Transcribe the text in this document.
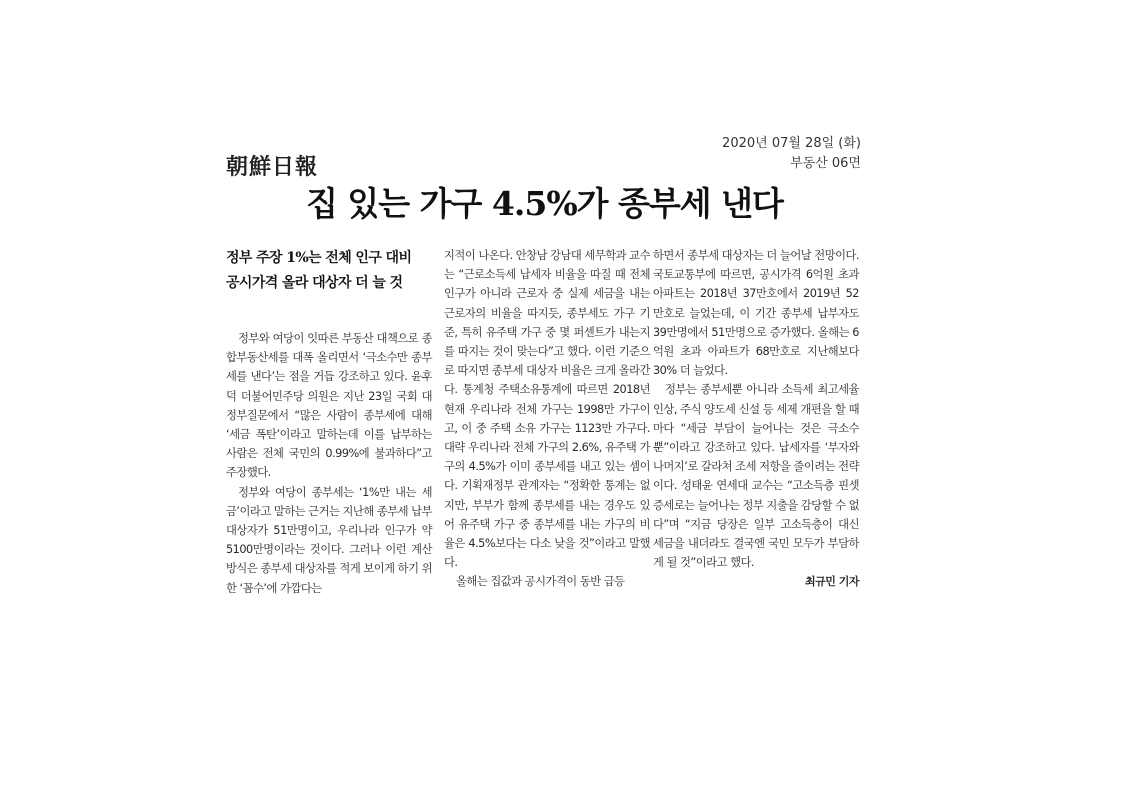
朝鮮日報
2020년 07월 28일 (화)
부동산 06면
집 있는 가구 4.5%가 종부세 낸다
정부 주장 1%는 전체 인구 대비
공시가격 올라 대상자 더 늘 것

정부와 여당이 잇따른 부동산 대책으로 종합부동산세를 대폭 올리면서 ‘극소수만 종부세를 낸다’는 점을 거듭 강조하고 있다. 윤후덕 더불어민주당 의원은 지난 23일 국회 대정부질문에서 “많은 사람이 종부세에 대해 ‘세금 폭탄’이라고 말하는데 이를 납부하는 사람은 전체 국민의 0.99%에 불과하다”고 주장했다.

정부와 여당이 종부세는 ‘1%만 내는 세금’이라고 말하는 근거는 지난해 종부세 납부 대상자가 51만명이고, 우리나라 인구가 약 5100만명이라는 것이다. 그러나 이런 계산 방식은 종부세 대상자를 적게 보이게 하기 위한 ‘꼼수’에 가깝다는

지적이 나온다. 안창남 강남대 세무학과 교수는 “근로소득세 납세자 비율을 따질 때 전체 인구가 아니라 근로자 중 실제 세금을 내는 근로자의 비율을 따지듯, 종부세도 가구 기준, 특히 유주택 가구 중 몇 퍼센트가 내는지를 따지는 것이 맞는다”고 했다. 이런 기준으로 따지면 종부세 대상자 비율은 크게 올라간다. 통계청 주택소유통계에 따르면 2018년 현재 우리나라 전체 가구는 1998만 가구이고, 이 중 주택 소유 가구는 1123만 가구다. 대략 우리나라 전체 가구의 2.6%, 유주택 가구의 4.5%가 이미 종부세를 내고 있는 셈이다. 기획재정부 관계자는 “정확한 통계는 없지만, 부부가 함께 종부세를 내는 경우도 있어 유주택 가구 중 종부세를 내는 가구의 비율은 4.5%보다는 다소 낮을 것”이라고 말했다.

올해는 집값과 공시가격이 동반 급등

하면서 종부세 대상자는 더 늘어날 전망이다. 국토교통부에 따르면, 공시가격 6억원 초과 아파트는 2018년 37만호에서 2019년 52만호로 늘었는데, 이 기간 종부세 납부자도 39만명에서 51만명으로 증가했다. 올해는 6억원 초과 아파트가 68만호로 지난해보다 30% 더 늘었다.

정부는 종부세뿐 아니라 소득세 최고세율 인상, 주식 양도세 신설 등 세제 개편을 할 때마다 “세금 부담이 늘어나는 것은 극소수뿐”이라고 강조하고 있다. 납세자를 ‘부자와 나머지’로 갈라쳐 조세 저항을 줄이려는 전략이다. 성태윤 연세대 교수는 “고소득층 핀셋 증세로는 늘어나는 정부 지출을 감당할 수 없다”며 “지금 당장은 일부 고소득층이 대신 세금을 내더라도 결국엔 국민 모두가 부담하게 될 것”이라고 했다.

최규민 기자
